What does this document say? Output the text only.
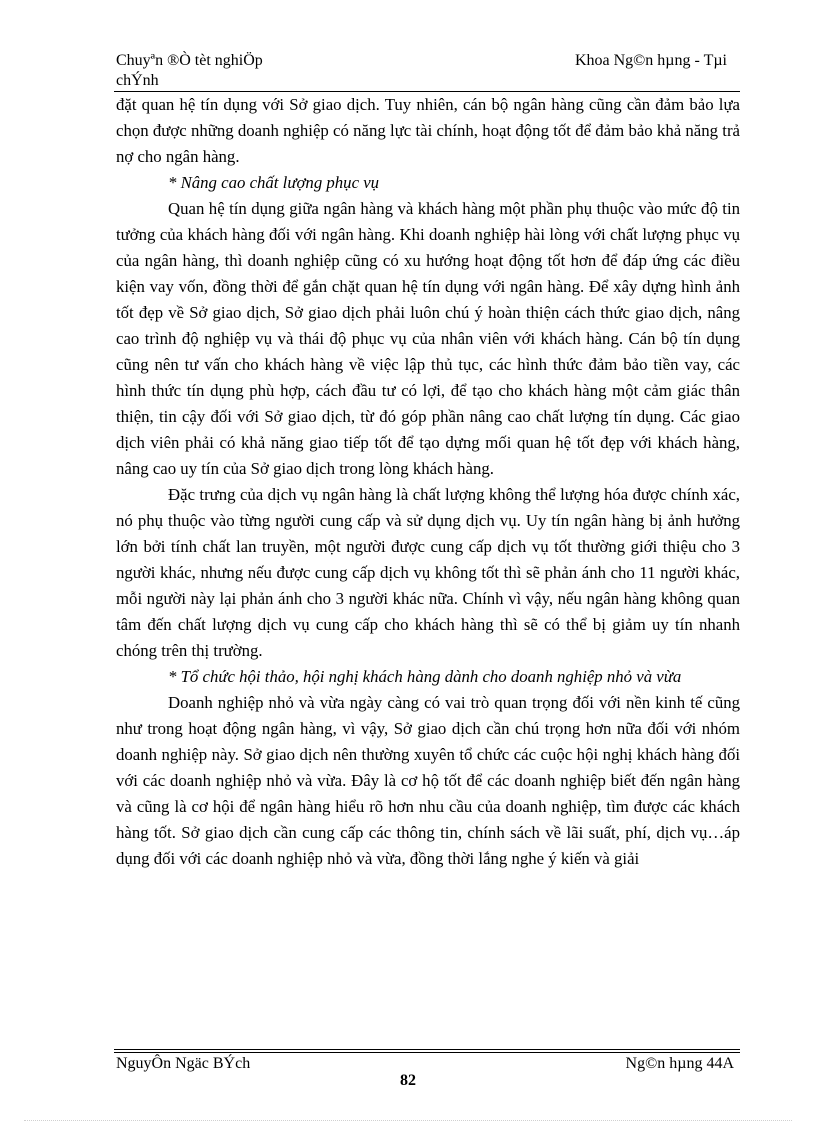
Chuyªn ®Ò tèt nghiÖp
chÝnh
Khoa Ng©n hµng - Tµi

đặt quan hệ tín dụng với Sở giao dịch. Tuy nhiên, cán bộ ngân hàng cũng cần đảm bảo lựa chọn được những doanh nghiệp có năng lực tài chính, hoạt động tốt để đảm bảo khả năng trả nợ cho ngân hàng.

* Nâng cao chất lượng phục vụ

Quan hệ tín dụng giữa ngân hàng và khách hàng một phần phụ thuộc vào mức độ tin tưởng của khách hàng đối với ngân hàng. Khi doanh nghiệp hài lòng với chất lượng phục vụ của ngân hàng, thì doanh nghiệp cũng có xu hướng hoạt động tốt hơn để đáp ứng các điều kiện vay vốn, đồng thời để gắn chặt quan hệ tín dụng với ngân hàng. Để xây dựng hình ảnh tốt đẹp về Sở giao dịch, Sở giao dịch phải luôn chú ý hoàn thiện cách thức giao dịch, nâng cao trình độ nghiệp vụ và thái độ phục vụ của nhân viên với khách hàng. Cán bộ tín dụng cũng nên tư vấn cho khách hàng về việc lập thủ tục, các hình thức đảm bảo tiền vay, các hình thức tín dụng phù hợp, cách đầu tư có lợi, để tạo cho khách hàng một cảm giác thân thiện, tin cậy đối với Sở giao dịch, từ đó góp phần nâng cao chất lượng tín dụng. Các giao dịch viên phải có khả năng giao tiếp tốt để tạo dựng mối quan hệ tốt đẹp với khách hàng, nâng cao uy tín của Sở giao dịch trong lòng khách hàng.

Đặc trưng của dịch vụ ngân hàng là chất lượng không thể lượng hóa được chính xác, nó phụ thuộc vào từng người cung cấp và sử dụng dịch vụ. Uy tín ngân hàng bị ảnh hưởng lớn bởi tính chất lan truyền, một người được cung cấp dịch vụ tốt thường giới thiệu cho 3 người khác, nhưng nếu được cung cấp dịch vụ không tốt thì sẽ phản ánh cho 11 người khác, mỗi người này lại phản ánh cho 3 người khác nữa. Chính vì vậy, nếu ngân hàng không quan tâm đến chất lượng dịch vụ cung cấp cho khách hàng thì sẽ có thể bị giảm uy tín nhanh chóng trên thị trường.

* Tổ chức hội thảo, hội nghị khách hàng dành cho doanh nghiệp nhỏ và vừa

Doanh nghiệp nhỏ và vừa ngày càng có vai trò quan trọng đối với nền kinh tế cũng như trong hoạt động ngân hàng, vì vậy, Sở giao dịch cần chú trọng hơn nữa đối với nhóm doanh nghiệp này. Sở giao dịch nên thường xuyên tổ chức các cuộc hội nghị khách hàng đối với các doanh nghiệp nhỏ và vừa. Đây là cơ hộ tốt để các doanh nghiệp biết đến ngân hàng và cũng là cơ hội để ngân hàng hiểu rõ hơn nhu cầu của doanh nghiệp, tìm được các khách hàng tốt. Sở giao dịch cần cung cấp các thông tin, chính sách về lãi suất, phí, dịch vụ…áp dụng đối với các doanh nghiệp nhỏ và vừa, đồng thời lắng nghe ý kiến và giải

NguyÔn Ngäc BÝch	Ng©n hµng 44A
82
